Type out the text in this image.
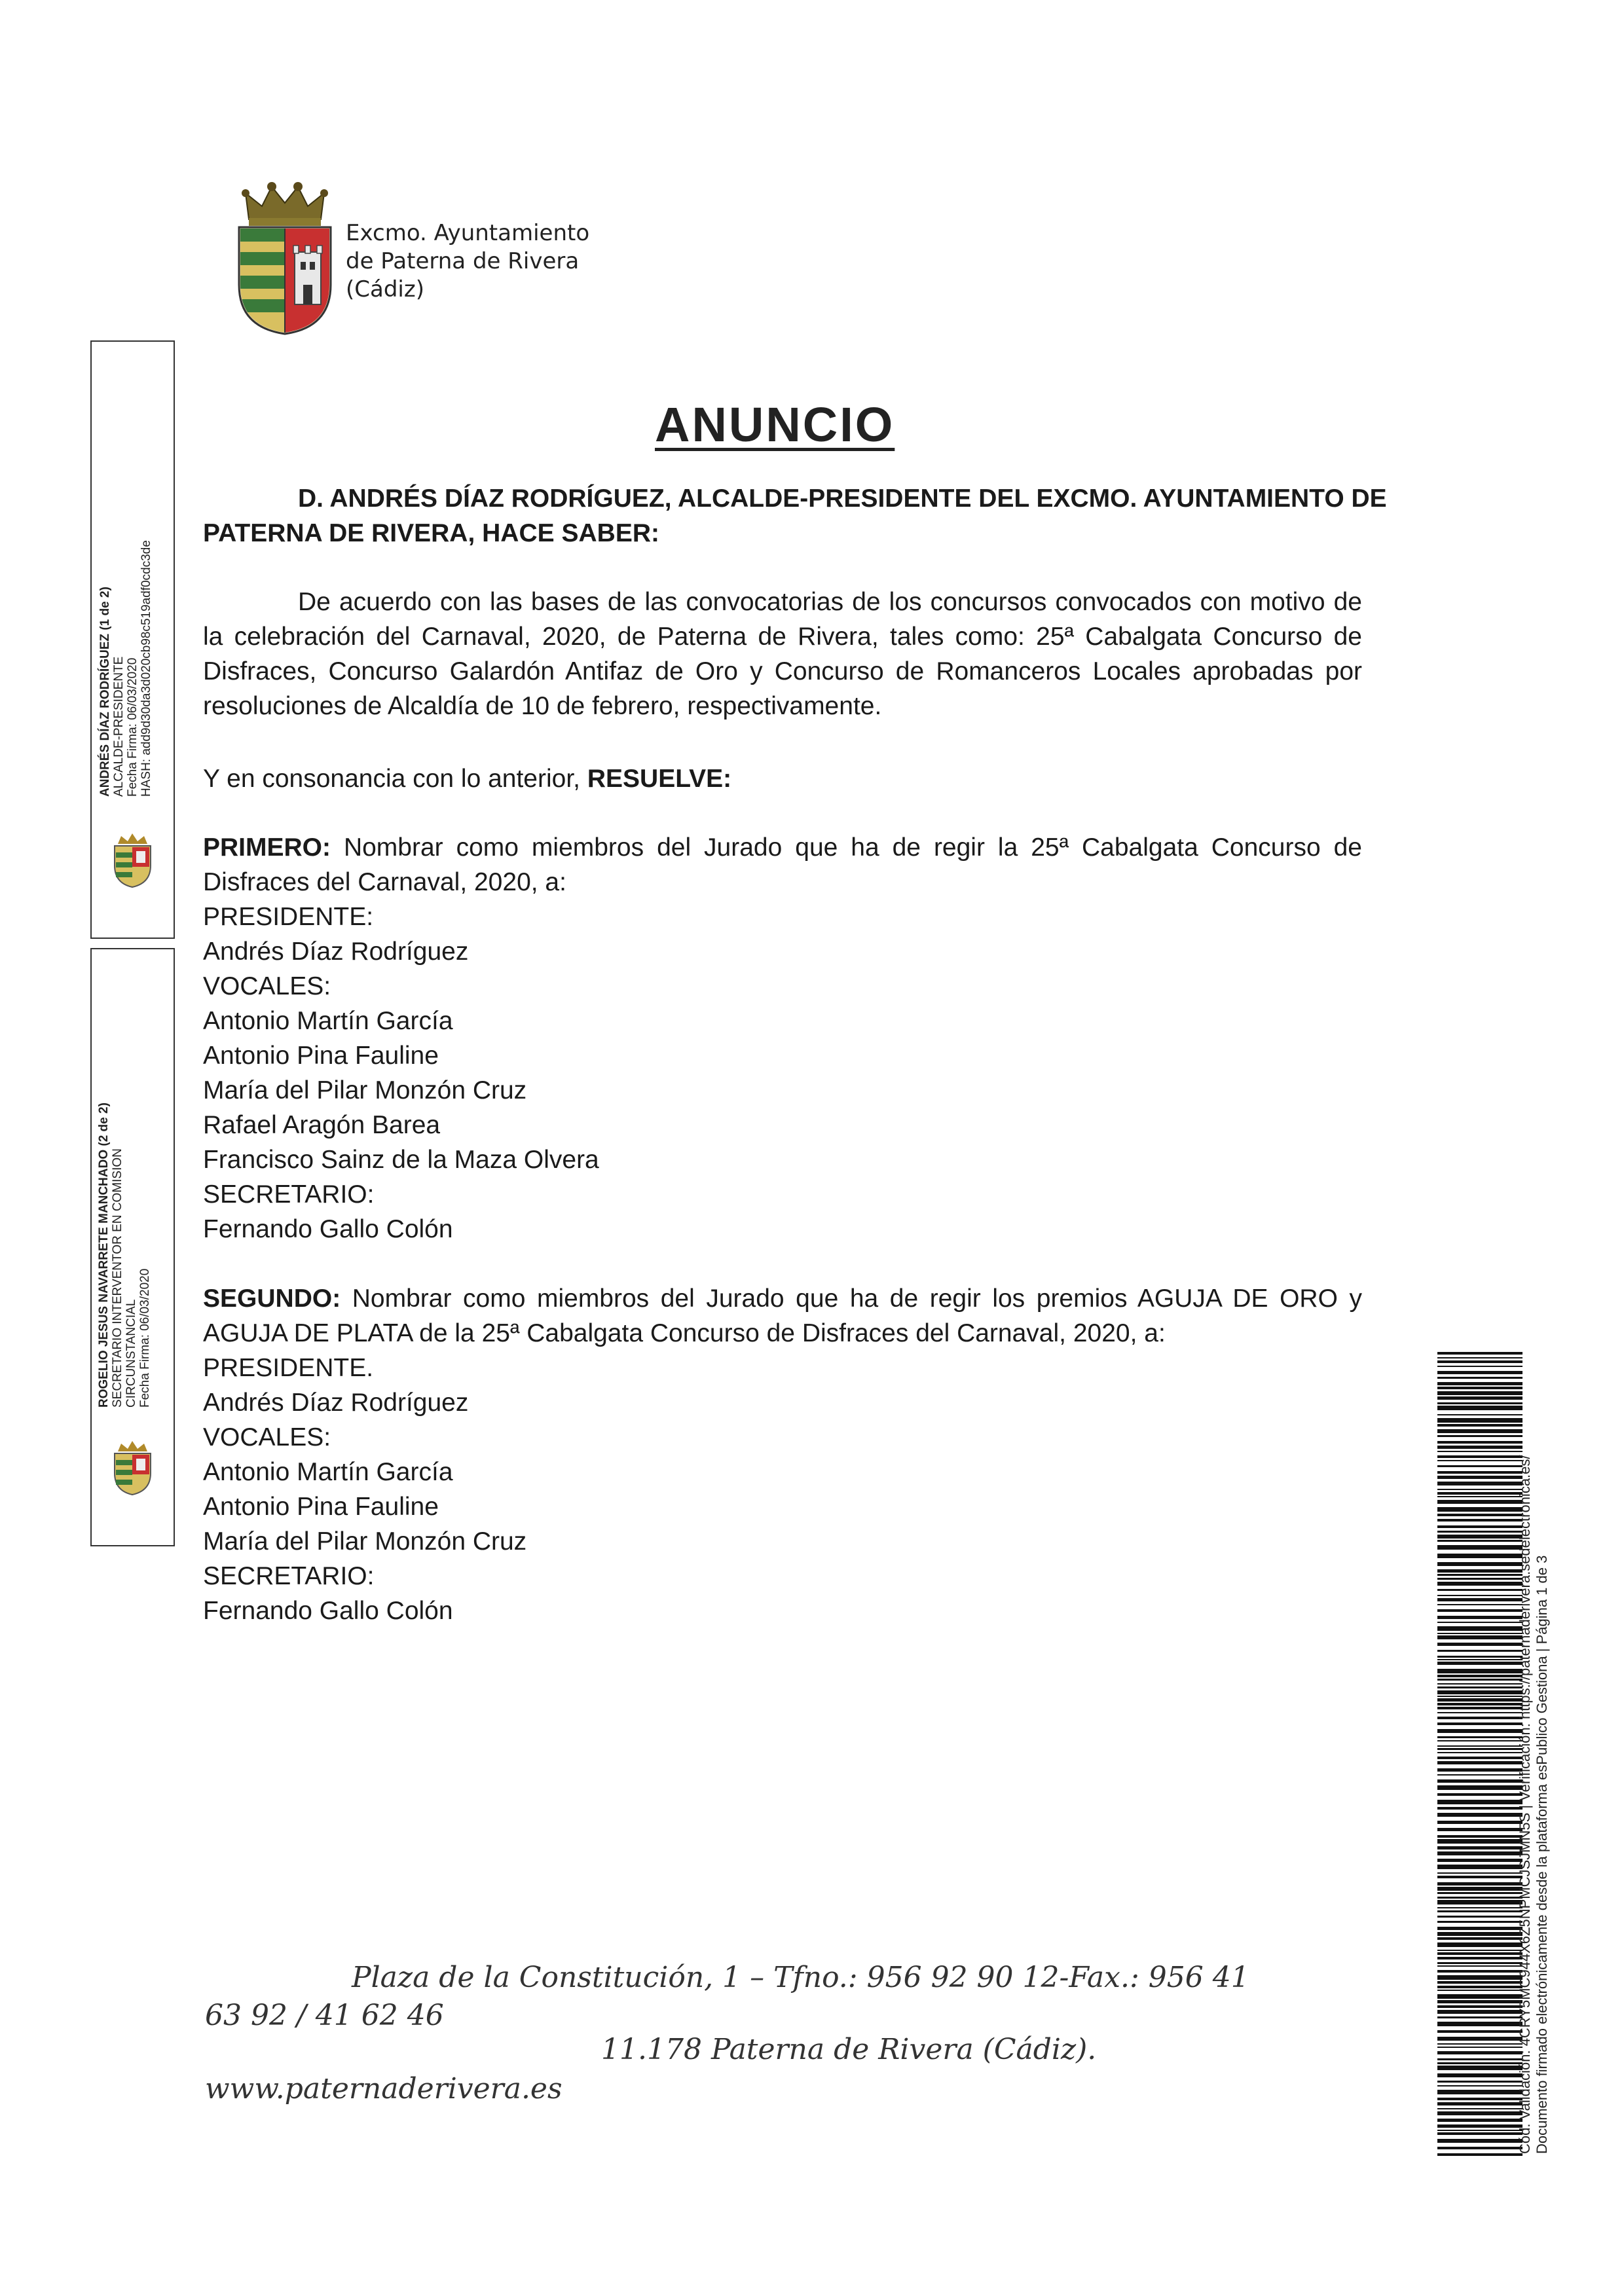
Excmo. Ayuntamiento
de Paterna de Rivera
(Cádiz)
ANUNCIO
D. ANDRÉS DÍAZ RODRÍGUEZ, ALCALDE-PRESIDENTE DEL EXCMO. AYUNTAMIENTO DE
PATERNA DE RIVERA, HACE SABER:
De acuerdo con las bases de las convocatorias de los concursos convocados con motivo de la celebración del Carnaval, 2020, de Paterna de Rivera, tales como: 25ª Cabalgata Concurso de Disfraces, Concurso Galardón Antifaz de Oro y Concurso de Romanceros Locales aprobadas por resoluciones de Alcaldía de 10 de febrero, respectivamente.
Y en consonancia con lo anterior, RESUELVE:
PRIMERO: Nombrar como miembros del Jurado que ha de regir la 25ª Cabalgata Concurso de Disfraces del Carnaval, 2020, a:
PRESIDENTE:
Andrés Díaz Rodríguez
VOCALES:
Antonio Martín García
Antonio Pina Fauline
María del Pilar Monzón Cruz
Rafael Aragón Barea
Francisco Sainz de la Maza Olvera
SECRETARIO:
Fernando Gallo Colón
SEGUNDO: Nombrar como miembros del Jurado que ha de regir los premios AGUJA DE ORO y AGUJA DE PLATA de la 25ª Cabalgata Concurso de Disfraces del Carnaval, 2020, a:
PRESIDENTE.
Andrés Díaz Rodríguez
VOCALES:
Antonio Martín García
Antonio Pina Fauline
María del Pilar Monzón Cruz
SECRETARIO:
Fernando Gallo Colón
ANDRÉS DÍAZ RODRÍGUEZ (1 de 2) ALCALDE-PRESIDENTE Fecha Firma: 06/03/2020 HASH: add9d30da3d020cb98c519adf0cdc3de
ROGELIO JESUS NAVARRETE MANCHADO (2 de 2) SECRETARIO INTERVENTOR EN COMISION CIRCUNSTANCIAL Fecha Firma: 06/03/2020
Cód. Validación: 4CRY5MC944X6Z5NPMCJSJMN5S | Verificación: https://paternaderivera.sedelectronica.es/ Documento firmado electrónicamente desde la plataforma esPublico Gestiona | Página 1 de 3
Plaza de la Constitución, 1 – Tfno.: 956 92 90 12-Fax.: 956 41
63 92 / 41 62 46
11.178 Paterna de Rivera (Cádiz).
www.paternaderivera.es
